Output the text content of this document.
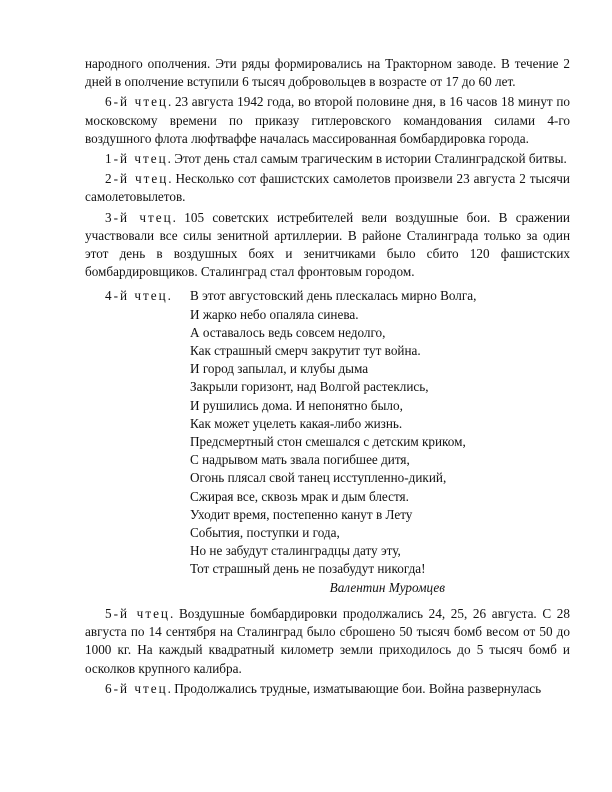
народного ополчения. Эти ряды формировались на Тракторном заводе. В течение 2 дней в ополчение вступили 6 тысяч добровольцев в возрасте от 17 до 60 лет.

6-й чтец. 23 августа 1942 года, во второй половине дня, в 16 часов 18 минут по московскому времени по приказу гитлеровского командования силами 4-го воздушного флота люфтваффе началась массированная бомбардировка города.

1-й чтец. Этот день стал самым трагическим в истории Сталинградской битвы.

2-й чтец. Несколько сот фашистских самолетов произвели 23 августа 2 тысячи самолетовылетов.

3-й чтец. 105 советских истребителей вели воздушные бои. В сражении участвовали все силы зенитной артиллерии. В районе Сталинграда только за один этот день в воздушных боях и зенитчиками было сбито 120 фашистских бомбардировщиков. Сталинград стал фронтовым городом.

4-й чтец. В этот августовский день плескалась мирно Волга,
И жарко небо опаляла синева.
А оставалось ведь совсем недолго,
Как страшный смерч закрутит тут война.
И город запылал, и клубы дыма
Закрыли горизонт, над Волгой растеклись,
И рушились дома. И непонятно было,
Как может уцелеть какая-либо жизнь.
Предсмертный стон смешался с детским криком,
С надрывом мать звала погибшее дитя,
Огонь плясал свой танец исступленно-дикий,
Сжирая все, сквозь мрак и дым блестя.
Уходит время, постепенно канут в Лету
События, поступки и года,
Но не забудут сталинградцы дату эту,
Тот страшный день не позабудут никогда!
Валентин Муромцев

5-й чтец. Воздушные бомбардировки продолжались 24, 25, 26 августа. С 28 августа по 14 сентября на Сталинград было сброшено 50 тысяч бомб весом от 50 до 1000 кг. На каждый квадратный километр земли приходилось до 5 тысяч бомб и осколков крупного калибра.

6-й чтец. Продолжались трудные, изматывающие бои. Война развернулась
